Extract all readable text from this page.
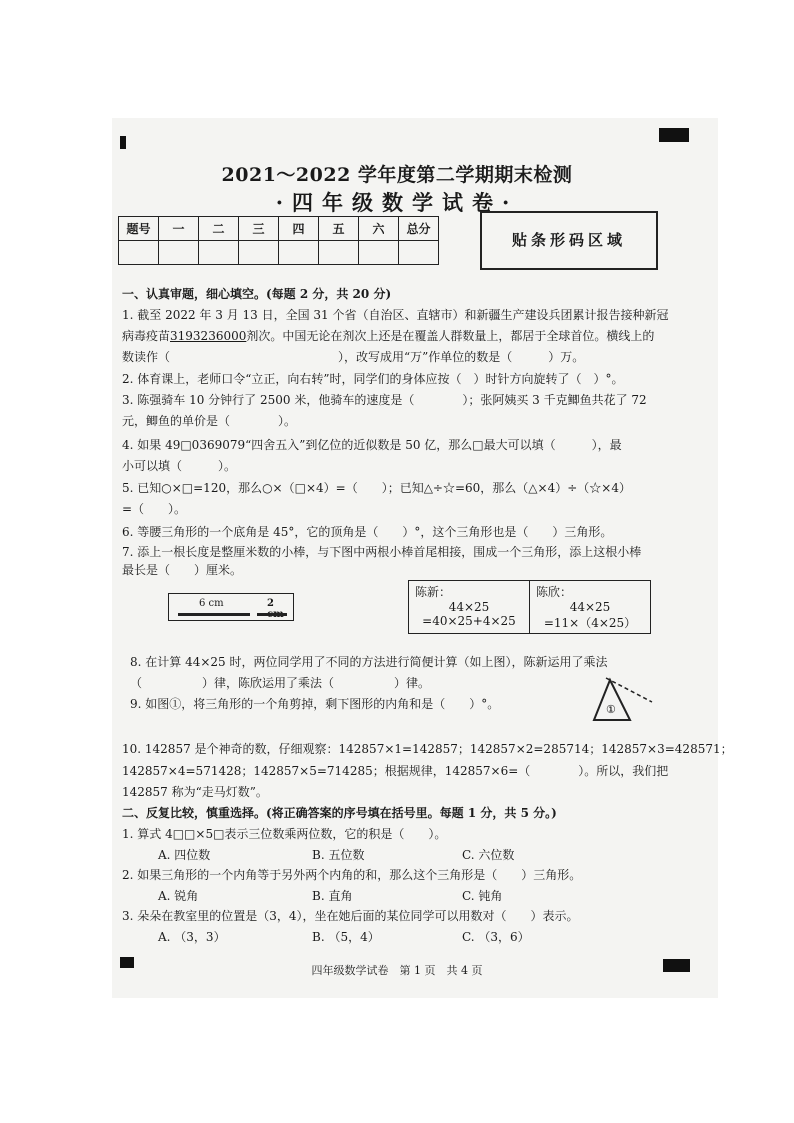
2021～2022 学年度第二学期期末检测
·四年级数学试卷·
题号	一	二	三	四	五	六	总分

贴条形码区域
一、认真审题，细心填空。(每题 2 分，共 20 分)
1. 截至 2022 年 3 月 13 日，全国 31 个省（自治区、直辖市）和新疆生产建设兵团累计报告接种新冠
病毒疫苗3193236000剂次。中国无论在剂次上还是在覆盖人群数量上，都居于全球首位。横线上的
数读作（　　　　　　　　　　　　　　），改写成用“万”作单位的数是（　　　）万。
2. 体育课上，老师口令“立正，向右转”时，同学们的身体应按（　）时针方向旋转了（　）°。
3. 陈强骑车 10 分钟行了 2500 米，他骑车的速度是（　　　　）；张阿姨买 3 千克鲫鱼共花了 72
元，鲫鱼的单价是（　　　　）。
4. 如果 49□0369079“四舍五入”到亿位的近似数是 50 亿，那么□最大可以填（　　　），最
小可以填（　　　）。
5. 已知○×□=120，那么○×（□×4）=（　　）；已知△÷☆=60，那么（△×4）÷（☆×4）
=（　　）。
6. 等腰三角形的一个底角是 45°，它的顶角是（　　）°，这个三角形也是（　　）三角形。
7. 添上一根长度是整厘米数的小棒，与下图中两根小棒首尾相接，围成一个三角形，添上这根小棒
最长是（　　）厘米。
6 cm	2
陈新：
44×25
=40×25+4×25

陈欣：
44×25
=11×（4×25）
8. 在计算 44×25 时，两位同学用了不同的方法进行简便计算（如上图），陈新运用了乘法
（　　　　　）律，陈欣运用了乘法（　　　　　）律。
9. 如图①，将三角形的一个角剪掉，剩下图形的内角和是（　　）°。	①
10. 142857 是个神奇的数，仔细观察：142857×1=142857；142857×2=285714；142857×3=428571；
142857×4=571428；142857×5=714285；根据规律，142857×6=（　　　　）。所以，我们把
142857 称为“走马灯数”。
二、反复比较，慎重选择。(将正确答案的序号填在括号里。每题 1 分，共 5 分。)
1. 算式 4□□×5□表示三位数乘两位数，它的积是（　　）。
A. 四位数	B. 五位数	C. 六位数
2. 如果三角形的一个内角等于另外两个内角的和，那么这个三角形是（　　）三角形。
A. 锐角	B. 直角	C. 钝角
3. 朵朵在教室里的位置是（3，4），坐在她后面的某位同学可以用数对（　　）表示。
A. （3，3）	B. （5，4）	C. （3，6）
四年级数学试卷　第 1 页　共 4 页
